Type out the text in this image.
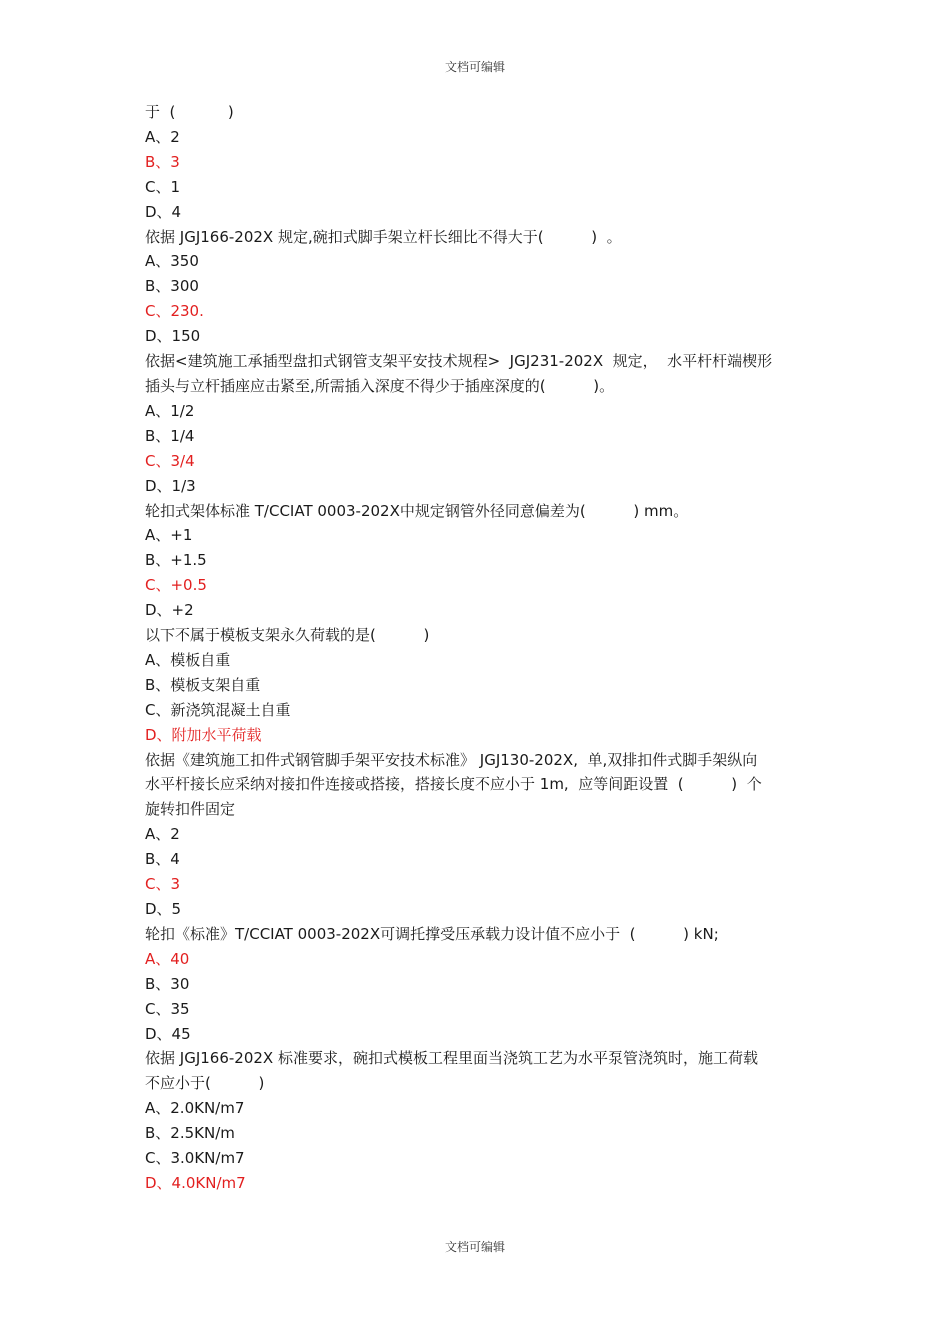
文档可编辑
于  (           )
A、2
B、3
C、1
D、4
依据 JGJ166-202X 规定,碗扣式脚手架立杆长细比不得大于(          )  。
A、350
B、300
C、230.
D、150
依据<建筑施工承插型盘扣式钢管支架平安技术规程>  JGJ231-202X  规定，  水平杆杆端楔形
插头与立杆插座应击紧至,所需插入深度不得少于插座深度的(          )。
A、1/2
B、1/4
C、3/4
D、1/3
轮扣式架体标准 T/CCIAT 0003-202X中规定钢管外径同意偏差为(          ) mm。
A、+1
B、+1.5
C、+0.5
D、+2
以下不属于模板支架永久荷载的是(          )
A、模板自重
B、模板支架自重
C、新浇筑混凝土自重
D、附加水平荷载
依据《建筑施工扣件式钢管脚手架平安技术标准》 JGJ130-202X,  单,双排扣件式脚手架纵向
水平杆接长应采纳对接扣件连接或搭接，搭接长度不应小于 1m,  应等间距设置  (          )  个
旋转扣件固定
A、2
B、4
C、3
D、5
轮扣《标准》T/CCIAT 0003-202X可调托撑受压承载力设计值不应小于  (          ) kN;
A、40
B、30
C、35
D、45
依据 JGJ166-202X 标准要求，碗扣式模板工程里面当浇筑工艺为水平泵管浇筑时，施工荷载
不应小于(          )
A、2.0KN/m7
B、2.5KN/m
C、3.0KN/m7
D、4.0KN/m7
文档可编辑
